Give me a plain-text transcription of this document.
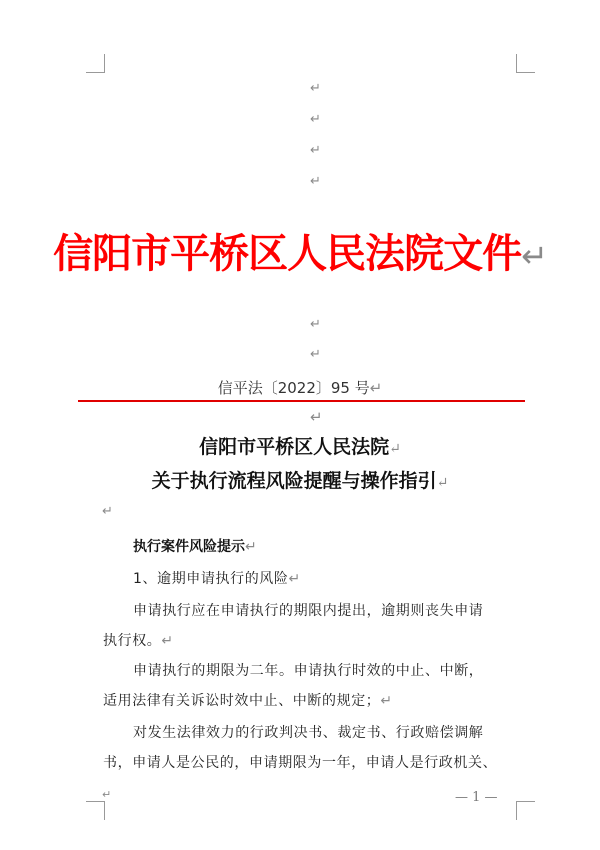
↵
↵
↵
↵
信阳市平桥区人民法院文件↵
↵
↵
信平法〔2022〕95 号↵
↵
信阳市平桥区人民法院↵
关于执行流程风险提醒与操作指引↵
↵
执行案件风险提示↵
1、逾期申请执行的风险↵
申请执行应在申请执行的期限内提出，逾期则丧失申请
执行权。↵
申请执行的期限为二年。申请执行时效的中止、中断，
适用法律有关诉讼时效中止、中断的规定；↵
对发生法律效力的行政判决书、裁定书、行政赔偿调解
书，申请人是公民的，申请期限为一年，申请人是行政机关、
↵	— 1 —
